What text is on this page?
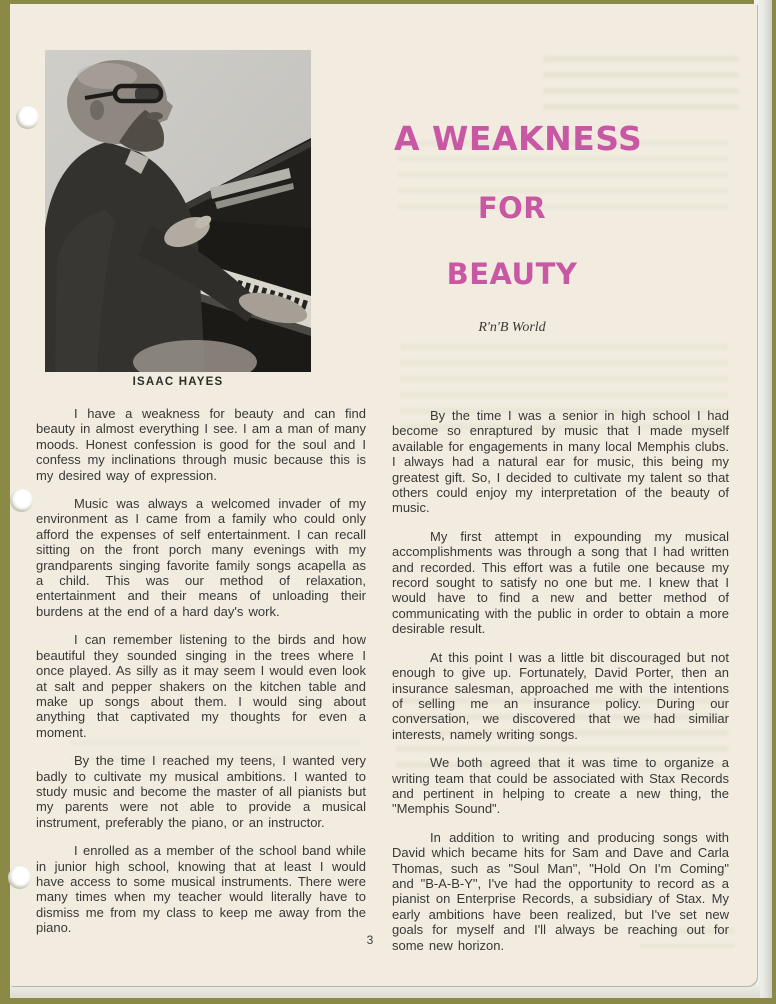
ISAAC HAYES
A WEAKNESS
FOR
BEAUTY
R'n'B World

I have a weakness for beauty and can find beauty in almost everything I see. I am a man of many moods. Honest confession is good for the soul and I confess my inclinations through music because this is my desired way of expression.

Music was always a welcomed invader of my environment as I came from a family who could only afford the expenses of self entertainment. I can recall sitting on the front porch many evenings with my grandparents singing favorite family songs acapella as a child. This was our method of relaxation, entertainment and their means of unloading their burdens at the end of a hard day's work.

I can remember listening to the birds and how beautiful they sounded singing in the trees where I once played. As silly as it may seem I would even look at salt and pepper shakers on the kitchen table and make up songs about them. I would sing about anything that captivated my thoughts for even a moment.

By the time I reached my teens, I wanted very badly to cultivate my musical ambitions. I wanted to study music and become the master of all pianists but my parents were not able to provide a musical instrument, preferably the piano, or an instructor.

I enrolled as a member of the school band while in junior high school, knowing that at least I would have access to some musical instruments. There were many times when my teacher would literally have to dismiss me from my class to keep me away from the piano.

By the time I was a senior in high school I had become so enraptured by music that I made myself available for engagements in many local Memphis clubs. I always had a natural ear for music, this being my greatest gift. So, I decided to cultivate my talent so that others could enjoy my interpretation of the beauty of music.

My first attempt in expounding my musical accomplishments was through a song that I had written and recorded. This effort was a futile one because my record sought to satisfy no one but me. I knew that I would have to find a new and better method of communicating with the public in order to obtain a more desirable result.

At this point I was a little bit discouraged but not enough to give up. Fortunately, David Porter, then an insurance salesman, approached me with the intentions of selling me an insurance policy. During our conversation, we discovered that we had similiar interests, namely writing songs.

We both agreed that it was time to organize a writing team that could be associated with Stax Records and pertinent in helping to create a new thing, the "Memphis Sound".

In addition to writing and producing songs with David which became hits for Sam and Dave and Carla Thomas, such as "Soul Man", "Hold On I'm Coming" and "B-A-B-Y", I've had the opportunity to record as a pianist on Enterprise Records, a subsidiary of Stax. My early ambitions have been realized, but I've set new goals for myself and I'll always be reaching out for some new horizon.

3
